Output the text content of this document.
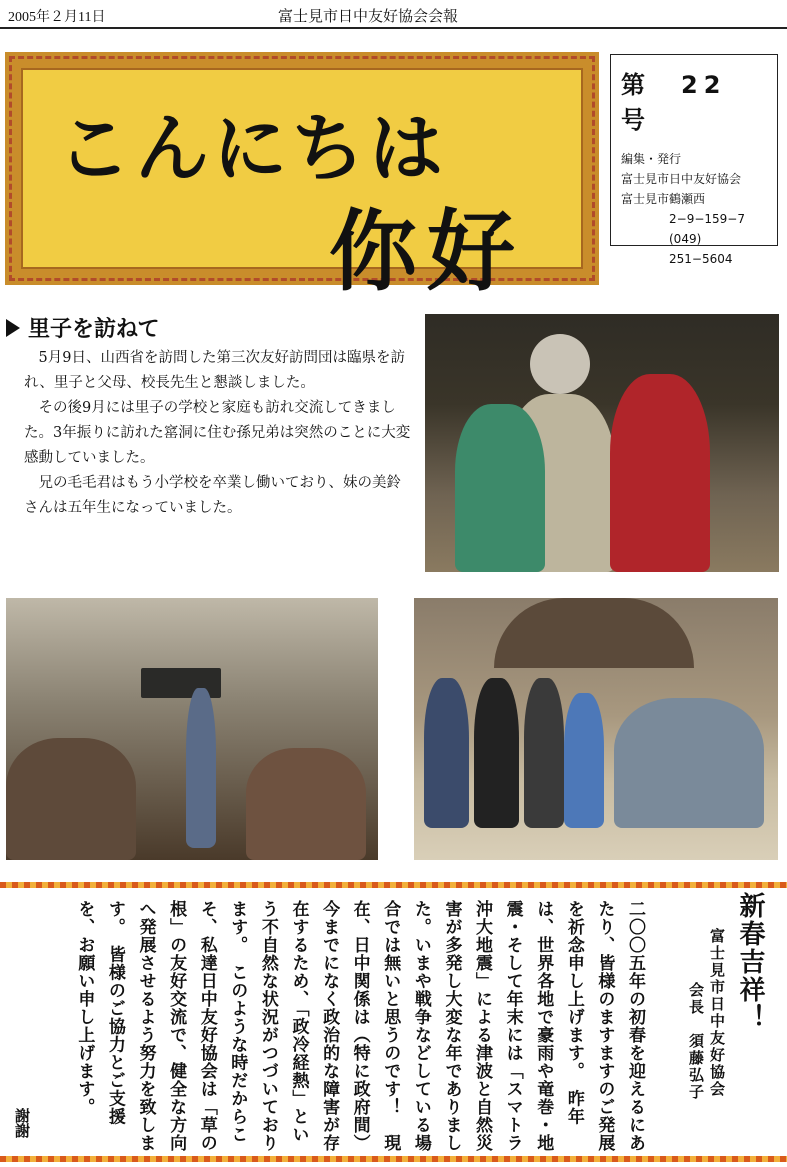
2005年２月11日	富士見市日中友好協会会報
こんにちは
你好
第　22　号
編集・発行
富士見市日中友好協会
富士見市鶴瀬西
2−9−159−7
(049) 251−5604
里子を訪ねて

5月9日、山西省を訪問した第三次友好訪問団は臨県を訪れ、里子と父母、校長先生と懇談しました。

その後9月には里子の学校と家庭も訪れ交流してきました。3年振りに訪れた窰洞に住む孫兄弟は突然のことに大変感動していました。

兄の毛毛君はもう小学校を卒業し働いており、妹の美鈴さんは五年生になっていました。

新春吉祥！
富士見市日中友好協会
会長　須藤弘子
二〇〇五年の初春を迎えるにあたり、皆様のますますのご発展を祈念申し上げます。　昨年は、世界各地で豪雨や竜巻・地震・そして年末には「スマトラ沖大地震」による津波と自然災害が多発し大変な年でありました。いまや戦争などしている場合では無いと思うのです！　現在、日中関係は（特に政府間）今までになく政治的な障害が存在するため、「政冷経熱」という不自然な状況がつづいております。　このような時だからこそ、私達日中友好協会は「草の根」の友好交流で、健全な方向へ発展させるよう努力を致します。　皆様のご協力とご支援を、お願い申し上げます。
謝謝
